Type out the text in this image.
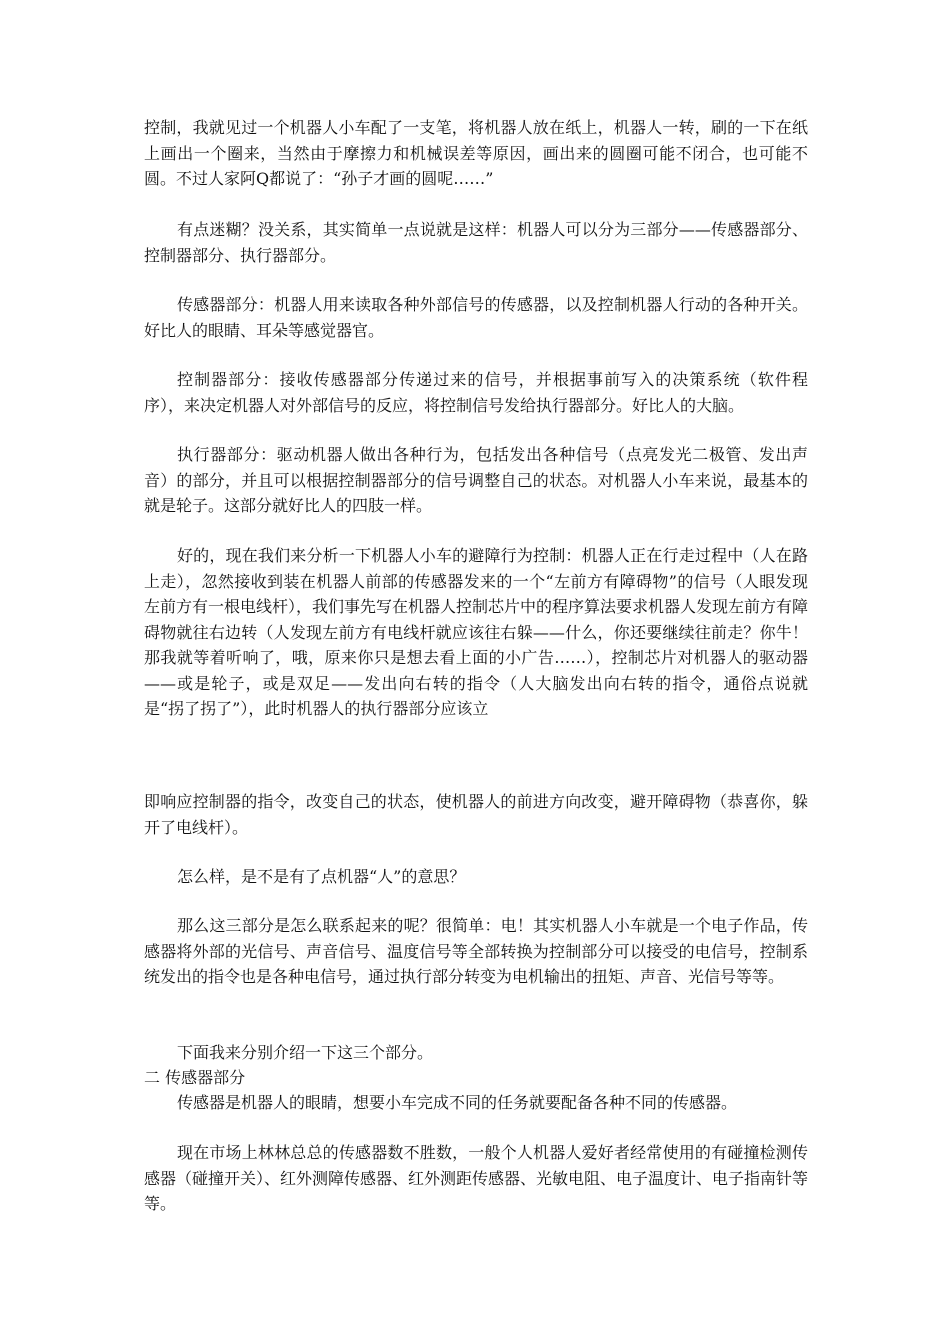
控制，我就见过一个机器人小车配了一支笔，将机器人放在纸上，机器人一转，刷的一下在纸上画出一个圈来，当然由于摩擦力和机械误差等原因，画出来的圆圈可能不闭合，也可能不圆。不过人家阿Q都说了：“孙子才画的圆呢……”

有点迷糊？没关系，其实简单一点说就是这样：机器人可以分为三部分——传感器部分、控制器部分、执行器部分。

传感器部分：机器人用来读取各种外部信号的传感器，以及控制机器人行动的各种开关。好比人的眼睛、耳朵等感觉器官。

控制器部分：接收传感器部分传递过来的信号，并根据事前写入的决策系统（软件程序），来决定机器人对外部信号的反应，将控制信号发给执行器部分。好比人的大脑。

执行器部分：驱动机器人做出各种行为，包括发出各种信号（点亮发光二极管、发出声音）的部分，并且可以根据控制器部分的信号调整自己的状态。对机器人小车来说，最基本的就是轮子。这部分就好比人的四肢一样。

好的，现在我们来分析一下机器人小车的避障行为控制：机器人正在行走过程中（人在路上走），忽然接收到装在机器人前部的传感器发来的一个“左前方有障碍物”的信号（人眼发现左前方有一根电线杆），我们事先写在机器人控制芯片中的程序算法要求机器人发现左前方有障碍物就往右边转（人发现左前方有电线杆就应该往右躲——什么，你还要继续往前走？你牛！那我就等着听响了，哦，原来你只是想去看上面的小广告……），控制芯片对机器人的驱动器——或是轮子，或是双足——发出向右转的指令（人大脑发出向右转的指令，通俗点说就是“拐了拐了”），此时机器人的执行器部分应该立

即响应控制器的指令，改变自己的状态，使机器人的前进方向改变，避开障碍物（恭喜你，躲开了电线杆）。

怎么样，是不是有了点机器“人”的意思？

那么这三部分是怎么联系起来的呢？很简单：电！其实机器人小车就是一个电子作品，传感器将外部的光信号、声音信号、温度信号等全部转换为控制部分可以接受的电信号，控制系统发出的指令也是各种电信号，通过执行部分转变为电机输出的扭矩、声音、光信号等等。

下面我来分别介绍一下这三个部分。

二 传感器部分

传感器是机器人的眼睛，想要小车完成不同的任务就要配备各种不同的传感器。

现在市场上林林总总的传感器数不胜数，一般个人机器人爱好者经常使用的有碰撞检测传感器（碰撞开关）、红外测障传感器、红外测距传感器、光敏电阻、电子温度计、电子指南针等等。
